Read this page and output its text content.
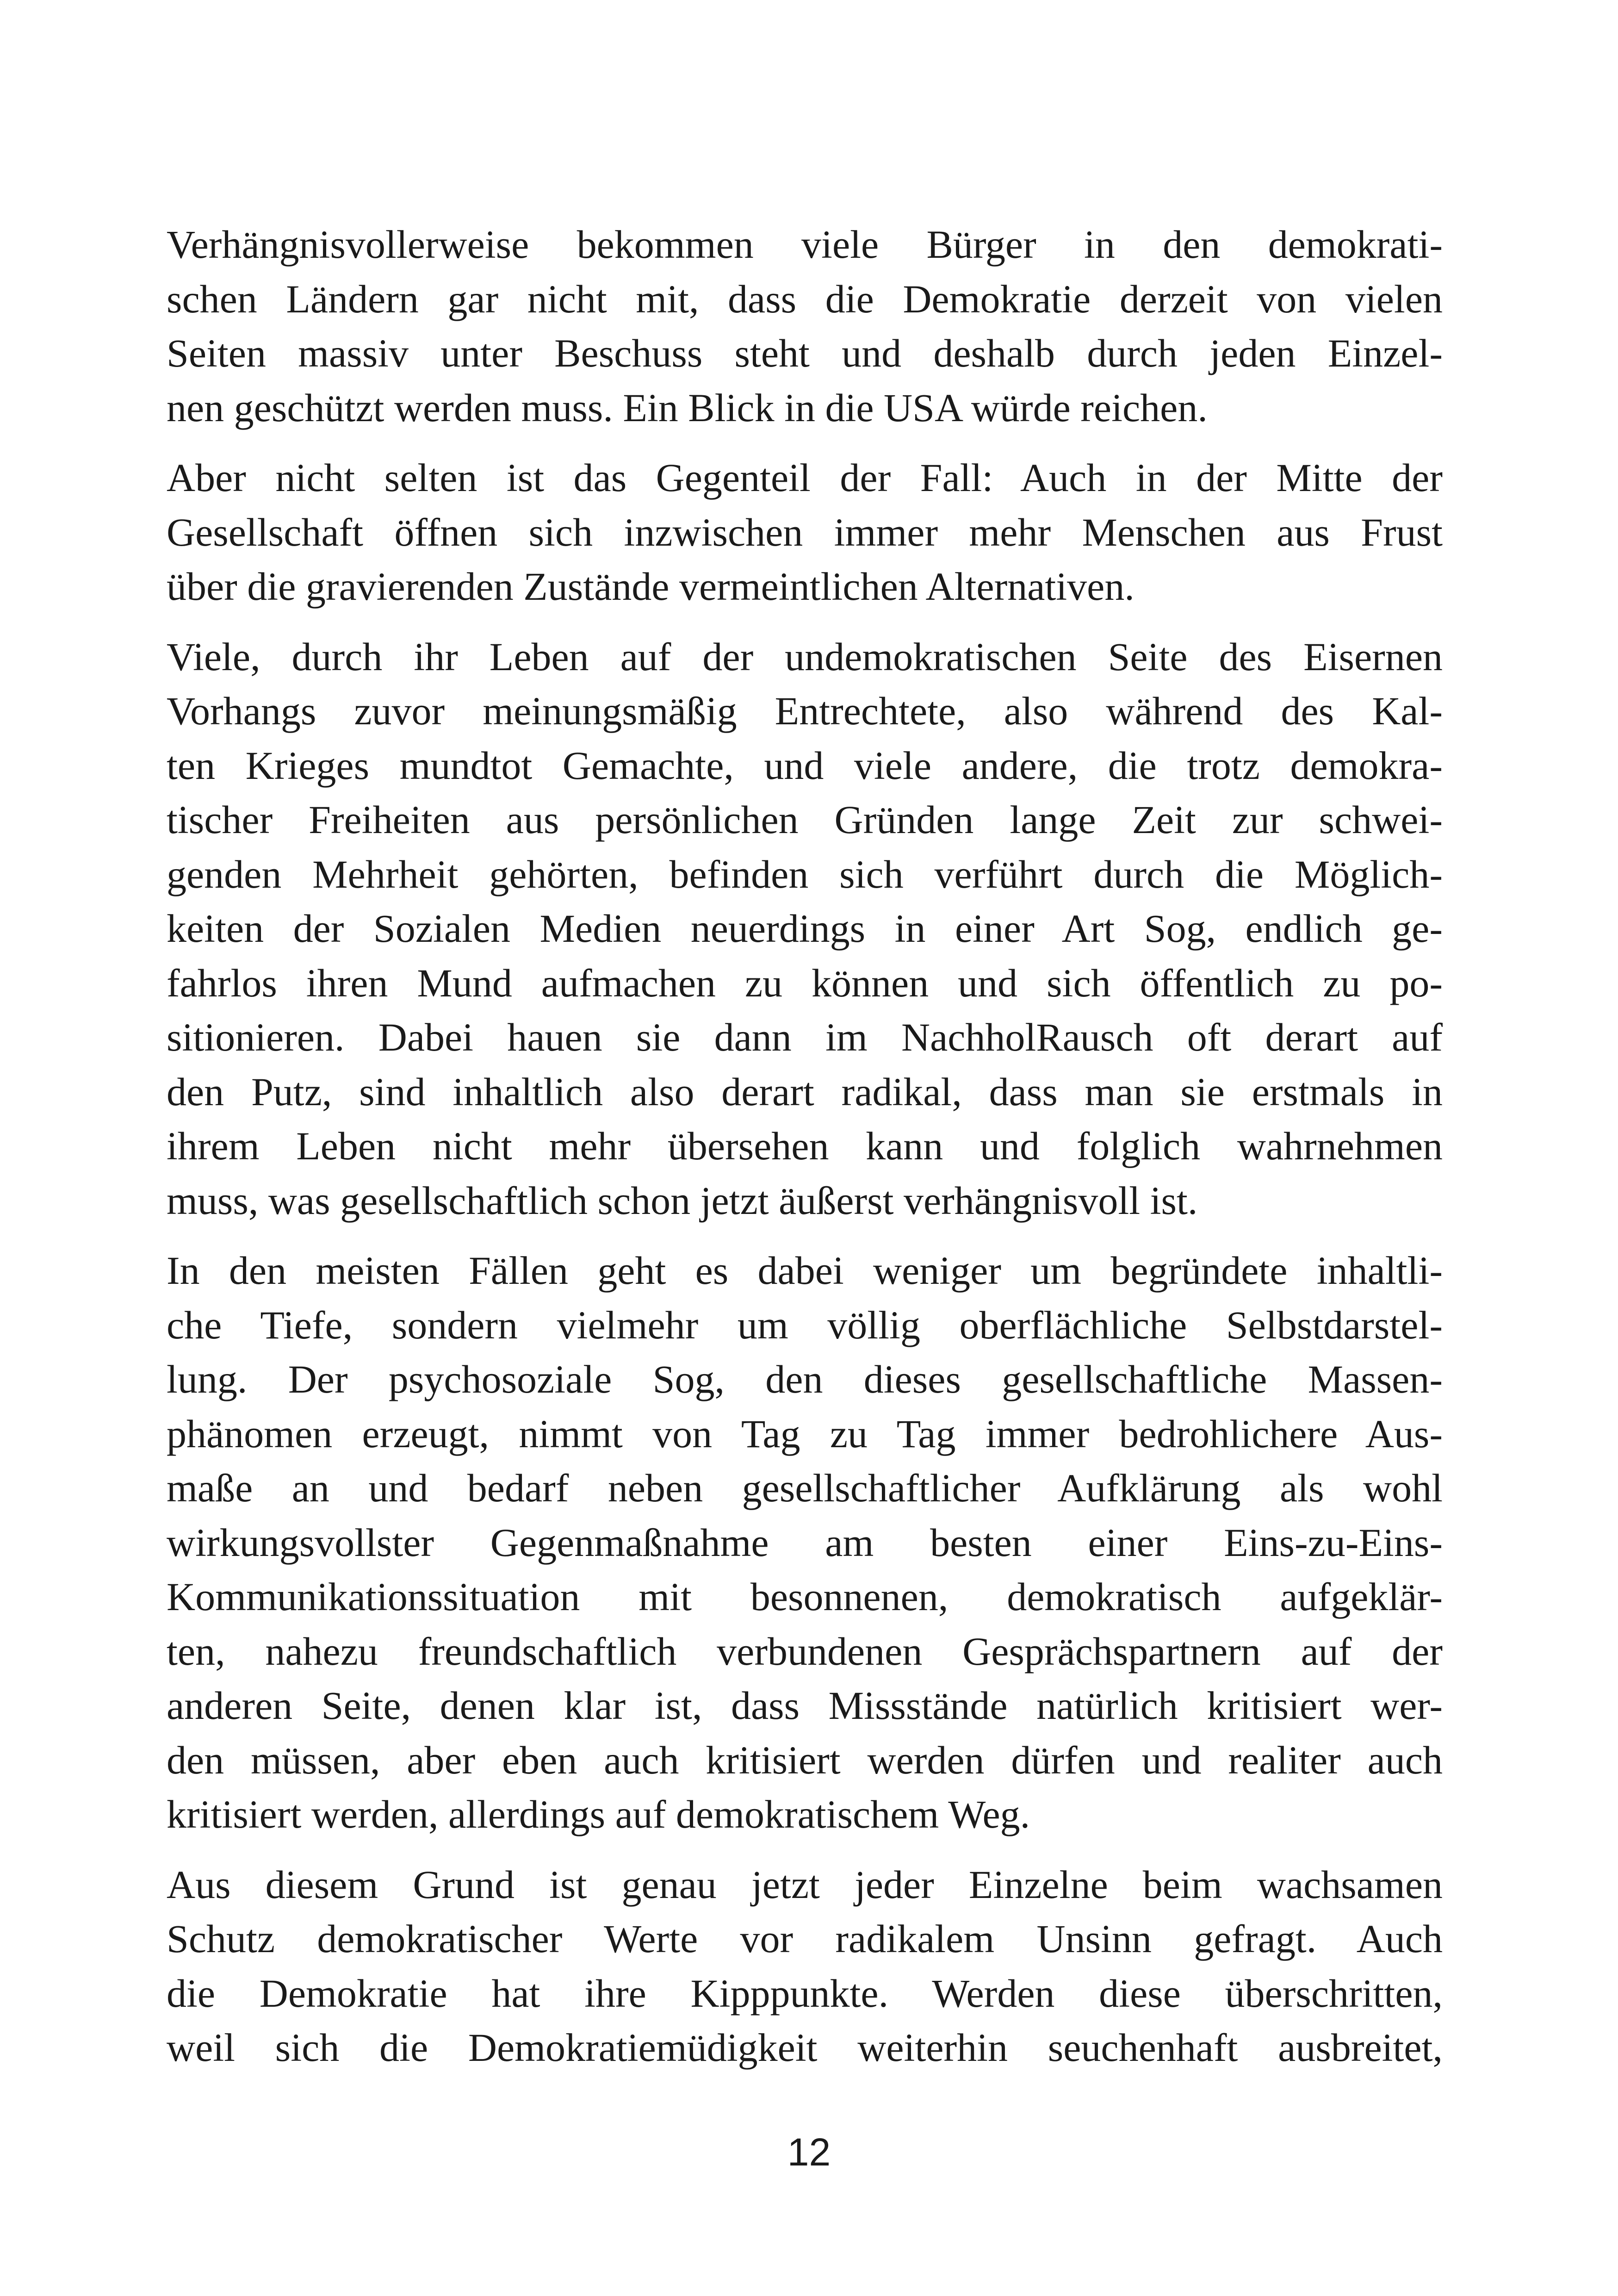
Verhängnisvollerweise bekommen viele Bürger in den demokrati-
schen Ländern gar nicht mit, dass die Demokratie derzeit von vielen
Seiten massiv unter Beschuss steht und deshalb durch jeden Einzel-
nen geschützt werden muss. Ein Blick in die USA würde reichen.
Aber nicht selten ist das Gegenteil der Fall: Auch in der Mitte der
Gesellschaft öffnen sich inzwischen immer mehr Menschen aus Frust
über die gravierenden Zustände vermeintlichen Alternativen.
Viele, durch ihr Leben auf der undemokratischen Seite des Eisernen
Vorhangs zuvor meinungsmäßig Entrechtete, also während des Kal-
ten Krieges mundtot Gemachte, und viele andere, die trotz demokra-
tischer Freiheiten aus persönlichen Gründen lange Zeit zur schwei-
genden Mehrheit gehörten, befinden sich verführt durch die Möglich-
keiten der Sozialen Medien neuerdings in einer Art Sog, endlich ge-
fahrlos ihren Mund aufmachen zu können und sich öffentlich zu po-
sitionieren. Dabei hauen sie dann im NachholRausch oft derart auf
den Putz, sind inhaltlich also derart radikal, dass man sie erstmals in
ihrem Leben nicht mehr übersehen kann und folglich wahrnehmen
muss, was gesellschaftlich schon jetzt äußerst verhängnisvoll ist.
In den meisten Fällen geht es dabei weniger um begründete inhaltli-
che Tiefe, sondern vielmehr um völlig oberflächliche Selbstdarstel-
lung. Der psychosoziale Sog, den dieses gesellschaftliche Massen-
phänomen erzeugt, nimmt von Tag zu Tag immer bedrohlichere Aus-
maße an und bedarf neben gesellschaftlicher Aufklärung als wohl
wirkungsvollster Gegenmaßnahme am besten einer Eins-zu-Eins-
Kommunikationssituation mit besonnenen, demokratisch aufgeklär-
ten, nahezu freundschaftlich verbundenen Gesprächspartnern auf der
anderen Seite, denen klar ist, dass Missstände natürlich kritisiert wer-
den müssen, aber eben auch kritisiert werden dürfen und realiter auch
kritisiert werden, allerdings auf demokratischem Weg.
Aus diesem Grund ist genau jetzt jeder Einzelne beim wachsamen
Schutz demokratischer Werte vor radikalem Unsinn gefragt. Auch
die Demokratie hat ihre Kipppunkte. Werden diese überschritten,
weil sich die Demokratiemüdigkeit weiterhin seuchenhaft ausbreitet,
12
